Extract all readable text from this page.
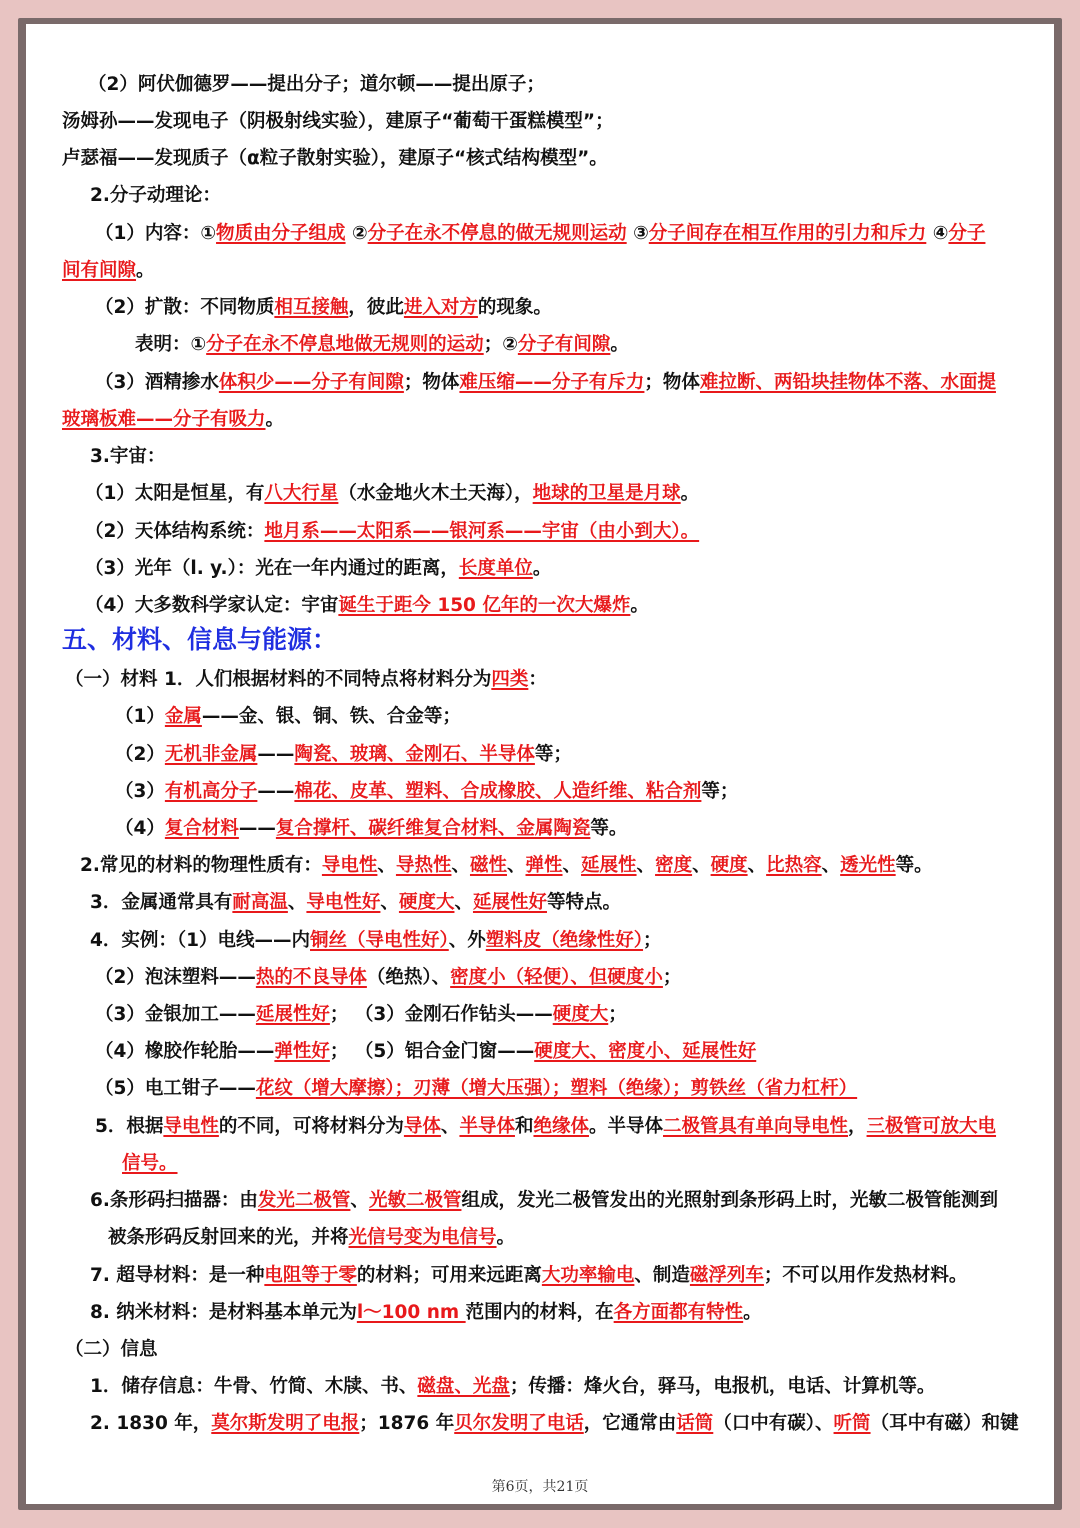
（2）阿伏伽德罗——提出分子；道尔顿——提出原子；
汤姆孙——发现电子（阴极射线实验），建原子“葡萄干蛋糕模型”；
卢瑟福——发现质子（α粒子散射实验），建原子“核式结构模型”。
2.分子动理论：
（1）内容：①物质由分子组成 ②分子在永不停息的做无规则运动 ③分子间存在相互作用的引力和斥力 ④分子
间有间隙。
（2）扩散：不同物质相互接触，彼此进入对方的现象。
表明：①分子在永不停息地做无规则的运动；②分子有间隙。
（3）酒精掺水体积少——分子有间隙；物体难压缩——分子有斥力；物体难拉断、两铅块挂物体不落、水面提
玻璃板难——分子有吸力。
3.宇宙：
（1）太阳是恒星，有八大行星（水金地火木土天海），地球的卫星是月球。
（2）天体结构系统：地月系——太阳系——银河系——宇宙（由小到大）。
（3）光年（l. y.）：光在一年内通过的距离，长度单位。
（4）大多数科学家认定：宇宙诞生于距今 150 亿年的一次大爆炸。
五、材料、信息与能源：
（一）材料 1．人们根据材料的不同特点将材料分为四类：
（1）金属——金、银、铜、铁、合金等；
（2）无机非金属——陶瓷、玻璃、金刚石、半导体等；
（3）有机高分子——棉花、皮革、塑料、合成橡胶、人造纤维、粘合剂等；
（4）复合材料——复合撑杆、碳纤维复合材料、金属陶瓷等。
2.常见的材料的物理性质有：导电性、导热性、磁性、弹性、延展性、密度、硬度、比热容、透光性等。
3．金属通常具有耐高温、导电性好、硬度大、延展性好等特点。
4．实例：（1）电线——内铜丝（导电性好）、外塑料皮（绝缘性好）；
（2）泡沫塑料——热的不良导体（绝热）、密度小（轻便）、但硬度小；
（3）金银加工——延展性好； （3）金刚石作钻头——硬度大；
（4）橡胶作轮胎——弹性好； （5）铝合金门窗——硬度大、密度小、延展性好
（5）电工钳子——花纹（增大摩擦）；刃薄（增大压强）；塑料（绝缘）；剪铁丝（省力杠杆）
5．根据导电性的不同，可将材料分为导体、半导体和绝缘体。半导体二极管具有单向导电性，三极管可放大电
信号。
6.条形码扫描器：由发光二极管、光敏二极管组成，发光二极管发出的光照射到条形码上时，光敏二极管能测到
被条形码反射回来的光，并将光信号变为电信号。
7. 超导材料：是一种电阻等于零的材料；可用来远距离大功率输电、制造磁浮列车；不可以用作发热材料。
8. 纳米材料：是材料基本单元为l～100 nm 范围内的材料，在各方面都有特性。
（二）信息
1．储存信息：牛骨、竹简、木牍、书、磁盘、光盘；传播：烽火台，驿马，电报机，电话、计算机等。
2. 1830 年，莫尔斯发明了电报；1876 年贝尔发明了电话，它通常由话筒（口中有碳）、听筒（耳中有磁）和键
第6页，共21页
